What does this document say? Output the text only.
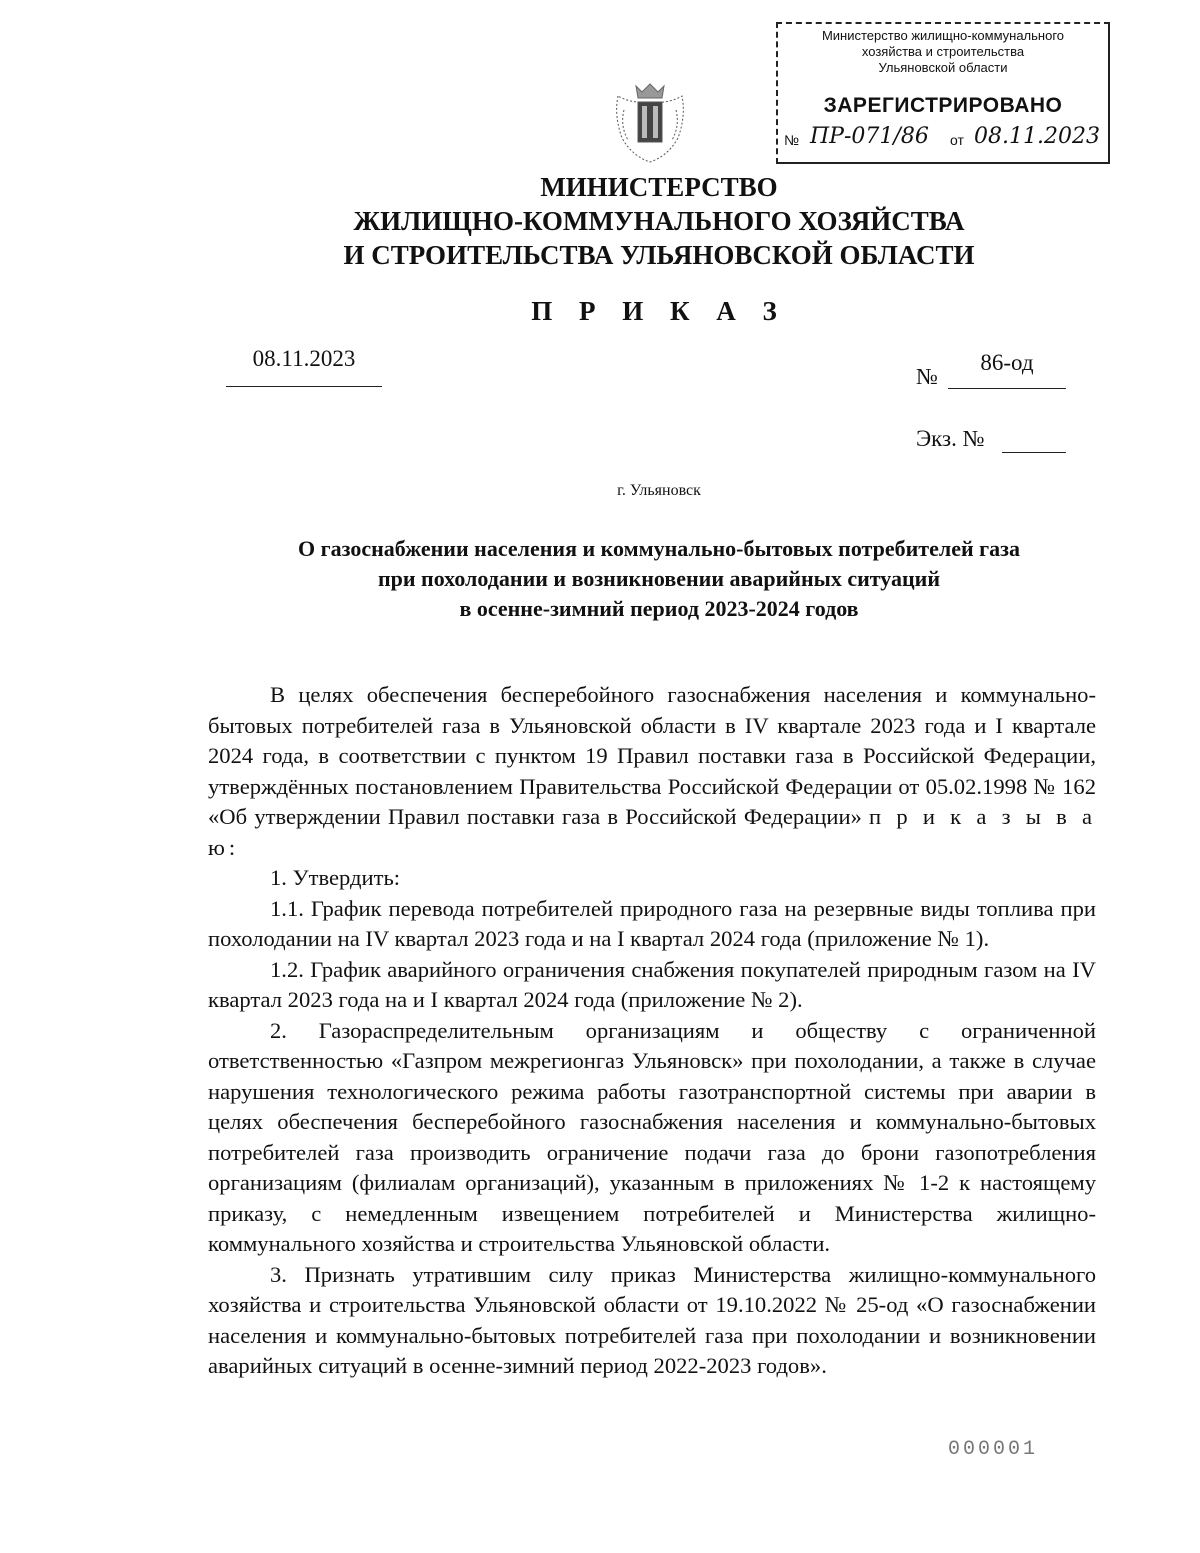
Министерство жилищно-коммунального
хозяйства и строительства
Ульяновской области
ЗАРЕГИСТРИРОВАНО
№ ПР-071/86 от 08.11.2023
МИНИСТЕРСТВО
ЖИЛИЩНО-КОММУНАЛЬНОГО ХОЗЯЙСТВА
И СТРОИТЕЛЬСТВА УЛЬЯНОВСКОЙ ОБЛАСТИ
П Р И К А З
08.11.2023
№
86-од
Экз. №
г. Ульяновск
О газоснабжении населения и коммунально-бытовых потребителей газа
при похолодании и возникновении аварийных ситуаций
в осенне-зимний период 2023-2024 годов

В целях обеспечения бесперебойного газоснабжения населения и коммунально-бытовых потребителей газа в Ульяновской области в IV квартале 2023 года и I квартале 2024 года, в соответствии с пунктом 19 Правил поставки газа в Российской Федерации, утверждённых постановлением Правительства Российской Федерации от 05.02.1998 № 162 «Об утверждении Правил поставки газа в Российской Федерации» п р и к а з ы в а ю:

1. Утвердить:

1.1. График перевода потребителей природного газа на резервные виды топлива при похолодании на IV квартал 2023 года и на I квартал 2024 года (приложение № 1).

1.2. График аварийного ограничения снабжения покупателей природным газом на IV квартал 2023 года на и I квартал 2024 года (приложение № 2).

2. Газораспределительным организациям и обществу с ограниченной ответственностью «Газпром межрегионгаз Ульяновск» при похолодании, а также в случае нарушения технологического режима работы газотранспортной системы при аварии в целях обеспечения бесперебойного газоснабжения населения и коммунально-бытовых потребителей газа производить ограничение подачи газа до брони газопотребления организациям (филиалам организаций), указанным в приложениях № 1-2 к настоящему приказу, с немедленным извещением потребителей и Министерства жилищно-коммунального хозяйства и строительства Ульяновской области.

3. Признать утратившим силу приказ Министерства жилищно-коммунального хозяйства и строительства Ульяновской области от 19.10.2022 № 25-од «О газоснабжении населения и коммунально-бытовых потребителей газа при похолодании и возникновении аварийных ситуаций в осенне-зимний период 2022-2023 годов».

000001
